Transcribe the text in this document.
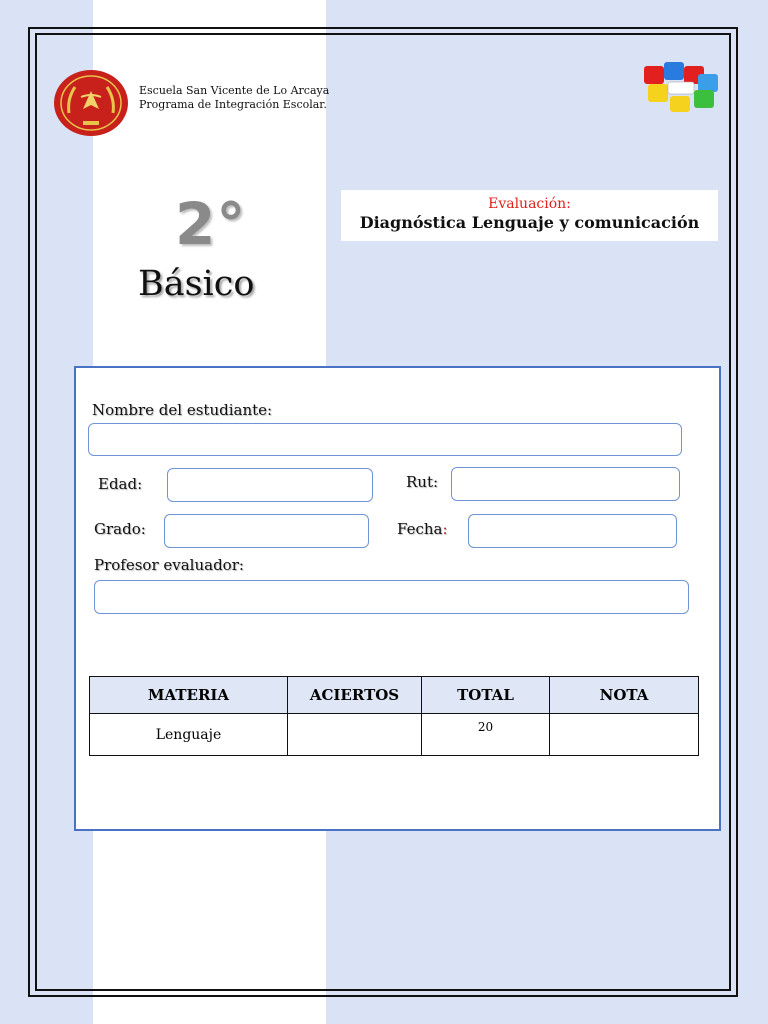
Escuela San Vicente de Lo Arcaya
Programa de Integración Escolar.
2°
Básico
Evaluación:
Diagnóstica Lenguaje y comunicación
Nombre del estudiante:
Edad:	Rut:
Grado:	Fecha:
Profesor evaluador:
MATERIA	ACIERTOS	TOTAL	NOTA
Lenguaje		20	
